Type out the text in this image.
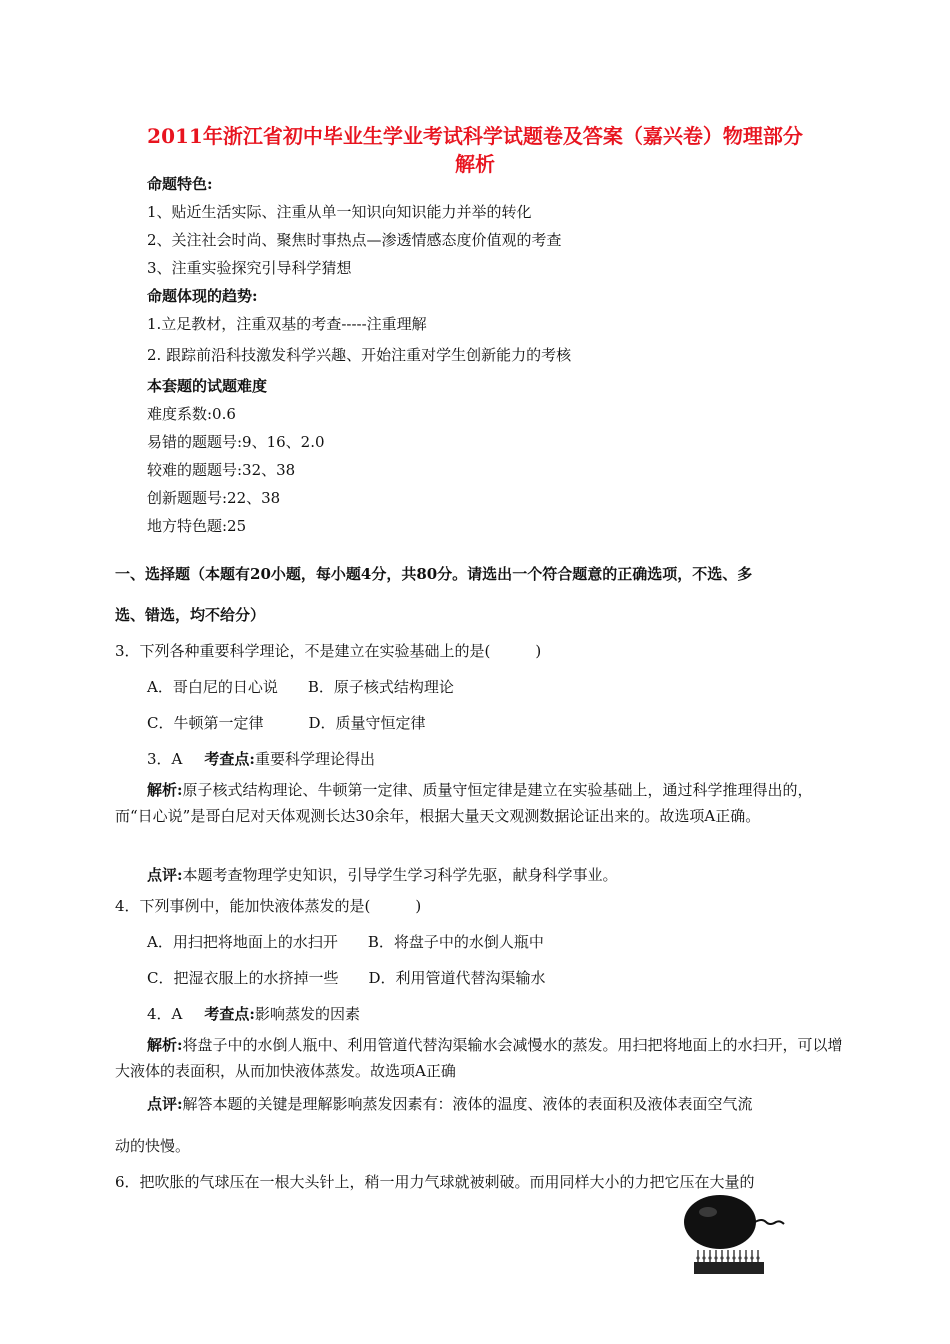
2011年浙江省初中毕业生学业考试科学试题卷及答案（嘉兴卷）物理部分
解析
命题特色:
1、贴近生活实际、注重从单一知识向知识能力并举的转化
2、关注社会时尚、聚焦时事热点—渗透情感态度价值观的考查
3、注重实验探究引导科学猜想
命题体现的趋势:
1.立足教材，注重双基的考查-----注重理解
2. 跟踪前沿科技激发科学兴趣、开始注重对学生创新能力的考核
本套题的试题难度
难度系数:0.6
易错的题题号:9、16、2.0
较难的题题号:32、38
创新题题号:22、38
地方特色题:25
一、选择题（本题有20小题，每小题4分，共80分。请选出一个符合题意的正确选项，不选、多
选、错选，均不给分）
3．下列各种重要科学理论，不是建立在实验基础上的是(　　　)
A．哥白尼的日心说　　B．原子核式结构理论
C．牛顿第一定律　　　D．质量守恒定律
3．A 考查点:重要科学理论得出
解析:原子核式结构理论、牛顿第一定律、质量守恒定律是建立在实验基础上，通过科学推理得出的，而“日心说”是哥白尼对天体观测长达30余年，根据大量天文观测数据论证出来的。故选项A正确。
点评:本题考查物理学史知识，引导学生学习科学先驱，献身科学事业。
4．下列事例中，能加快液体蒸发的是(　　　)
A．用扫把将地面上的水扫开　　B．将盘子中的水倒人瓶中
C．把湿衣服上的水挤掉一些　　D．利用管道代替沟渠输水
4．A 考查点:影响蒸发的因素
解析:将盘子中的水倒人瓶中、利用管道代替沟渠输水会减慢水的蒸发。用扫把将地面上的水扫开，可以增大液体的表面积，从而加快液体蒸发。故选项A正确
点评:解答本题的关键是理解影响蒸发因素有：液体的温度、液体的表面积及液体表面空气流
动的快慢。
6．把吹胀的气球压在一根大头针上，稍一用力气球就被刺破。而用同样大小的力把它压在大量的
